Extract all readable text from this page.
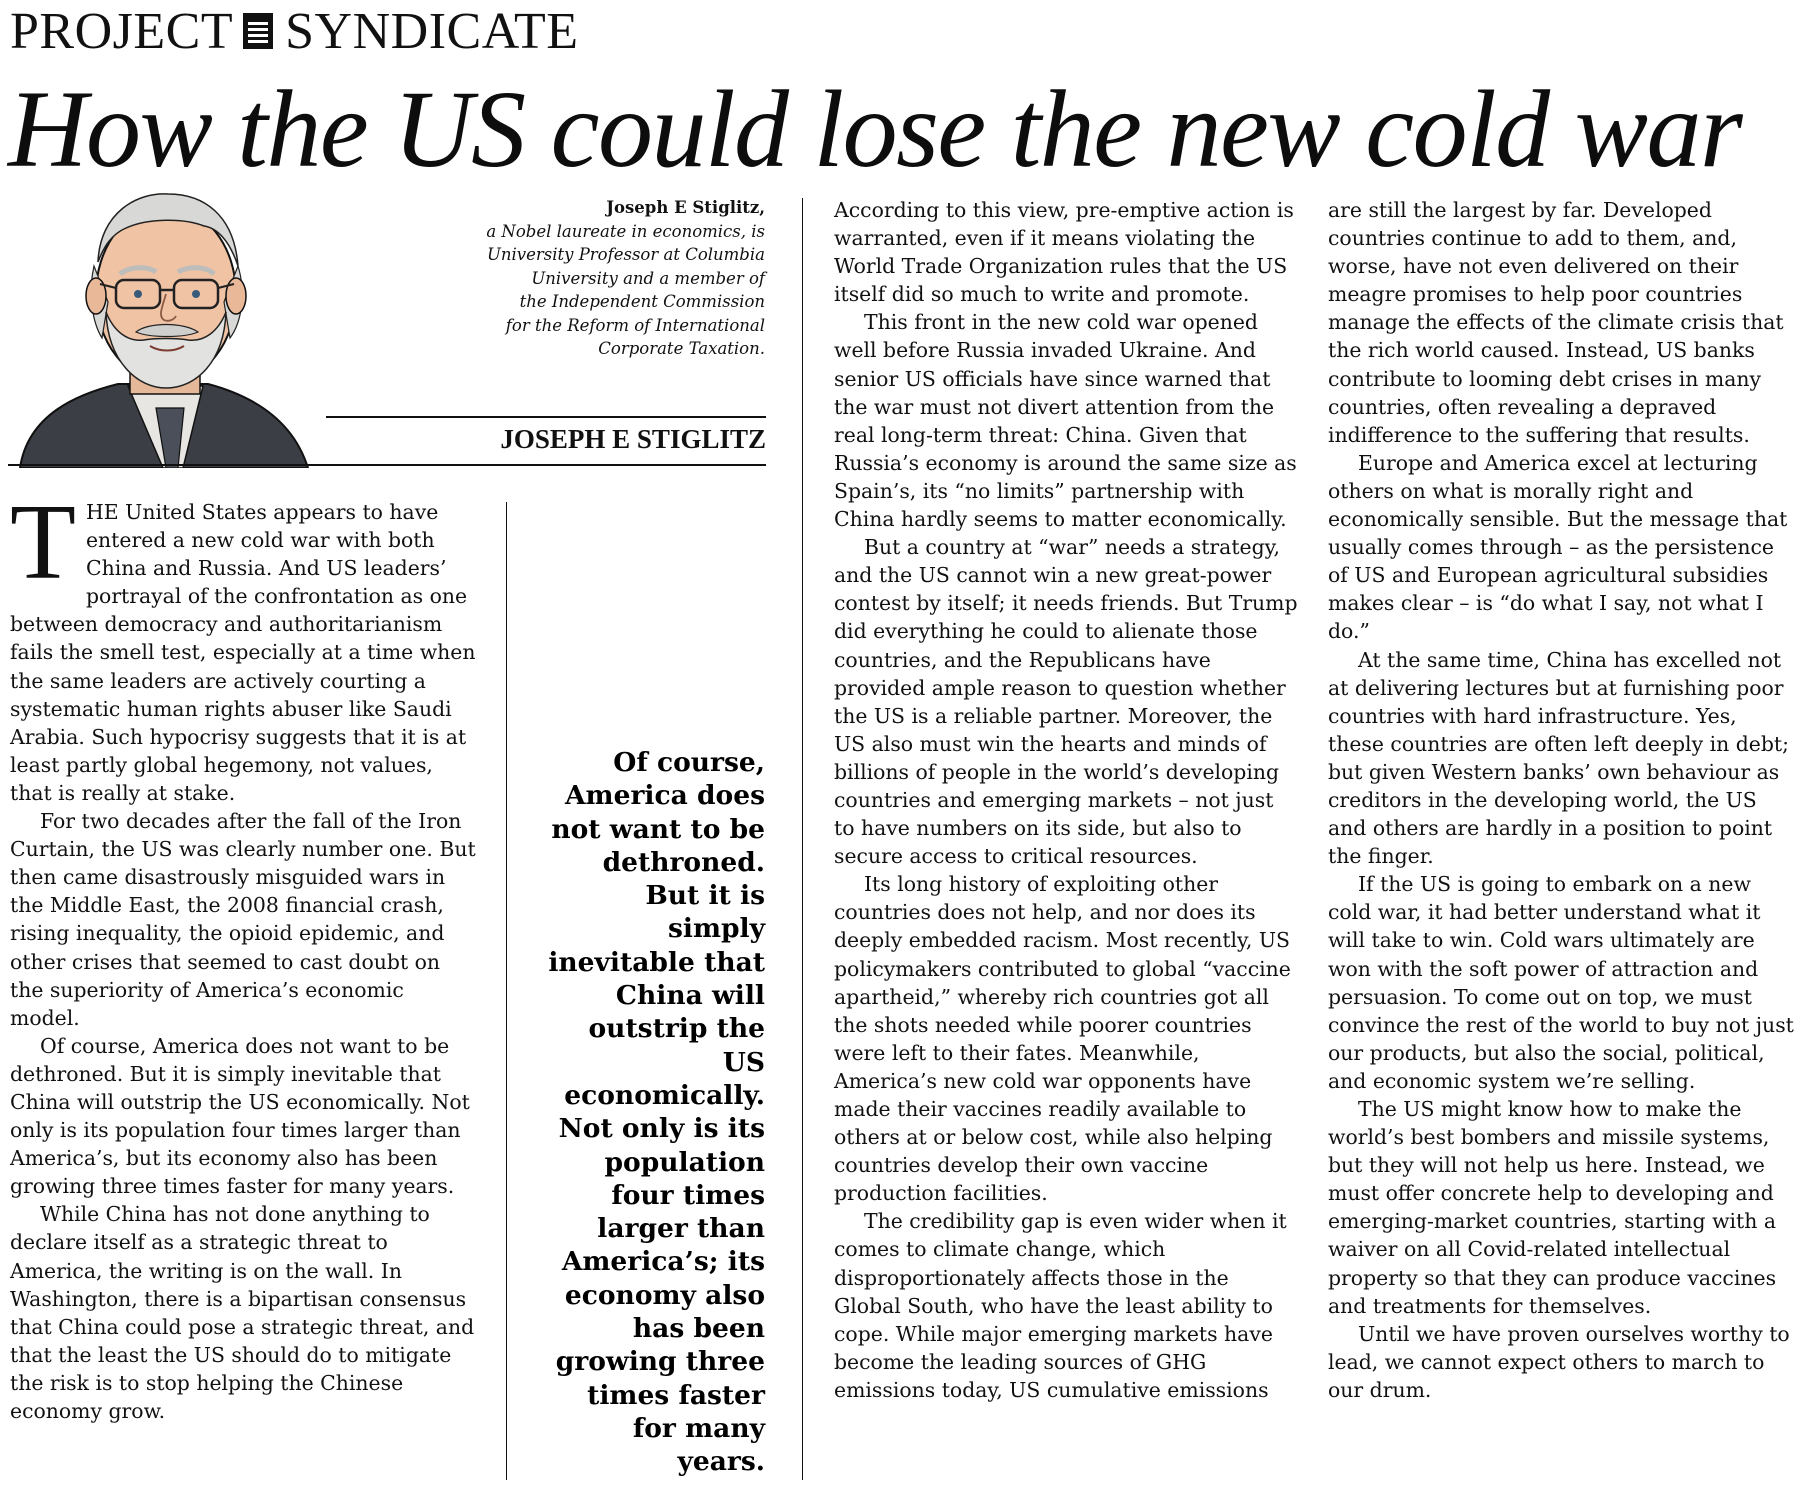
PROJECT SYNDICATE
How the US could lose the new cold war
Joseph E Stiglitz,
a Nobel laureate in economics, is
University Professor at Columbia
University and a member of
the Independent Commission
for the Reform of International
Corporate Taxation.
JOSEPH E STIGLITZ

THE United States appears to have entered a new cold war with both China and Russia. And US leaders’ portrayal of the confrontation as one between democracy and authoritarianism fails the smell test, especially at a time when the same leaders are actively courting a systematic human rights abuser like Saudi Arabia. Such hypocrisy suggests that it is at least partly global hegemony, not values, that is really at stake.

For two decades after the fall of the Iron Curtain, the US was clearly number one. But then came disastrously misguided wars in the Middle East, the 2008 financial crash, rising inequality, the opioid epidemic, and other crises that seemed to cast doubt on the superiority of America’s economic model.

Of course, America does not want to be dethroned. But it is simply inevitable that China will outstrip the US economically. Not only is its population four times larger than America’s, but its economy also has been growing three times faster for many years.

While China has not done anything to declare itself as a strategic threat to America, the writing is on the wall. In Washington, there is a bipartisan consensus that China could pose a strategic threat, and that the least the US should do to mitigate the risk is to stop helping the Chinese economy grow.

Of course, America does not want to be dethroned. But it is simply inevitable that China will outstrip the US economically. Not only is its population four times larger than America’s; its economy also has been growing three times faster for many years.

According to this view, pre-emptive action is warranted, even if it means violating the World Trade Organization rules that the US itself did so much to write and promote.

This front in the new cold war opened well before Russia invaded Ukraine. And senior US officials have since warned that the war must not divert attention from the real long-term threat: China. Given that Russia’s economy is around the same size as Spain’s, its “no limits” partnership with China hardly seems to matter economically.

But a country at “war” needs a strategy, and the US cannot win a new great-power contest by itself; it needs friends. But Trump did everything he could to alienate those countries, and the Republicans have provided ample reason to question whether the US is a reliable partner. Moreover, the US also must win the hearts and minds of billions of people in the world’s developing countries and emerging markets – not just to have numbers on its side, but also to secure access to critical resources.

Its long history of exploiting other countries does not help, and nor does its deeply embedded racism. Most recently, US policymakers contributed to global “vaccine apartheid,” whereby rich countries got all the shots needed while poorer countries were left to their fates. Meanwhile, America’s new cold war opponents have made their vaccines readily available to others at or below cost, while also helping countries develop their own vaccine production facilities.

The credibility gap is even wider when it comes to climate change, which disproportionately affects those in the Global South, who have the least ability to cope. While major emerging markets have become the leading sources of GHG emissions today, US cumulative emissions

are still the largest by far. Developed countries continue to add to them, and, worse, have not even delivered on their meagre promises to help poor countries manage the effects of the climate crisis that the rich world caused. Instead, US banks contribute to looming debt crises in many countries, often revealing a depraved indifference to the suffering that results.

Europe and America excel at lecturing others on what is morally right and economically sensible. But the message that usually comes through – as the persistence of US and European agricultural subsidies makes clear – is “do what I say, not what I do.”

At the same time, China has excelled not at delivering lectures but at furnishing poor countries with hard infrastructure. Yes, these countries are often left deeply in debt; but given Western banks’ own behaviour as creditors in the developing world, the US and others are hardly in a position to point the finger.

If the US is going to embark on a new cold war, it had better understand what it will take to win. Cold wars ultimately are won with the soft power of attraction and persuasion. To come out on top, we must convince the rest of the world to buy not just our products, but also the social, political, and economic system we’re selling.

The US might know how to make the world’s best bombers and missile systems, but they will not help us here. Instead, we must offer concrete help to developing and emerging-market countries, starting with a waiver on all Covid-related intellectual property so that they can produce vaccines and treatments for themselves.

Until we have proven ourselves worthy to lead, we cannot expect others to march to our drum.
